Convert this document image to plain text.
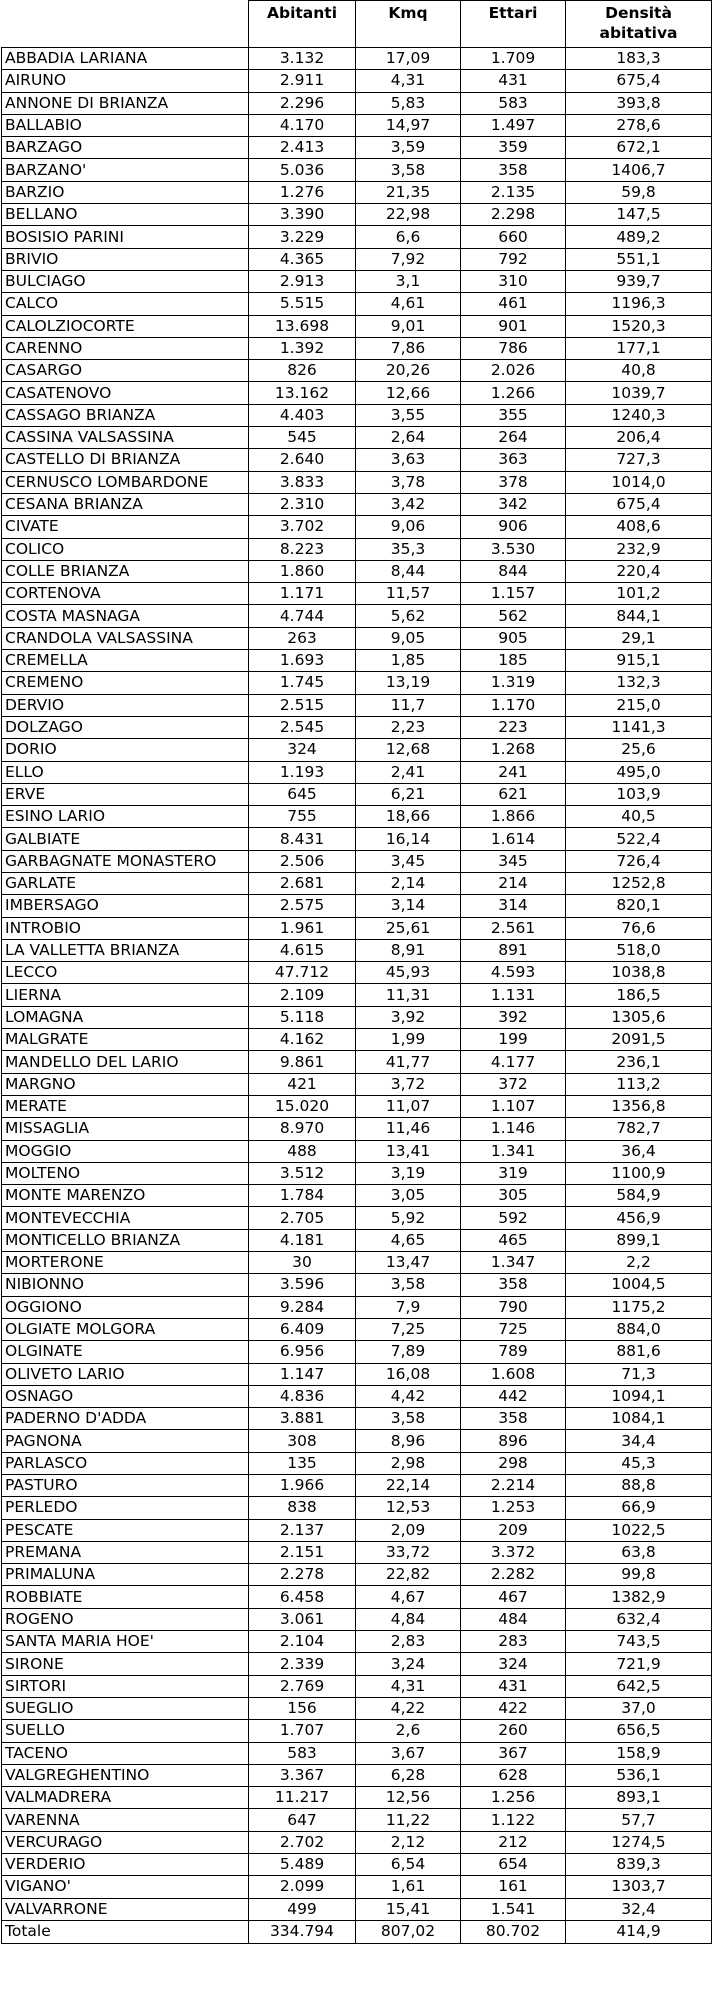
	Abitanti	Kmq	Ettari	Densità abitativa
ABBADIA LARIANA	3.132	17,09	1.709	183,3
AIRUNO	2.911	4,31	431	675,4
ANNONE DI BRIANZA	2.296	5,83	583	393,8
BALLABIO	4.170	14,97	1.497	278,6
BARZAGO	2.413	3,59	359	672,1
BARZANO'	5.036	3,58	358	1406,7
BARZIO	1.276	21,35	2.135	59,8
BELLANO	3.390	22,98	2.298	147,5
BOSISIO PARINI	3.229	6,6	660	489,2
BRIVIO	4.365	7,92	792	551,1
BULCIAGO	2.913	3,1	310	939,7
CALCO	5.515	4,61	461	1196,3
CALOLZIOCORTE	13.698	9,01	901	1520,3
CARENNO	1.392	7,86	786	177,1
CASARGO	826	20,26	2.026	40,8
CASATENOVO	13.162	12,66	1.266	1039,7
CASSAGO BRIANZA	4.403	3,55	355	1240,3
CASSINA VALSASSINA	545	2,64	264	206,4
CASTELLO DI BRIANZA	2.640	3,63	363	727,3
CERNUSCO LOMBARDONE	3.833	3,78	378	1014,0
CESANA BRIANZA	2.310	3,42	342	675,4
CIVATE	3.702	9,06	906	408,6
COLICO	8.223	35,3	3.530	232,9
COLLE BRIANZA	1.860	8,44	844	220,4
CORTENOVA	1.171	11,57	1.157	101,2
COSTA MASNAGA	4.744	5,62	562	844,1
CRANDOLA VALSASSINA	263	9,05	905	29,1
CREMELLA	1.693	1,85	185	915,1
CREMENO	1.745	13,19	1.319	132,3
DERVIO	2.515	11,7	1.170	215,0
DOLZAGO	2.545	2,23	223	1141,3
DORIO	324	12,68	1.268	25,6
ELLO	1.193	2,41	241	495,0
ERVE	645	6,21	621	103,9
ESINO LARIO	755	18,66	1.866	40,5
GALBIATE	8.431	16,14	1.614	522,4
GARBAGNATE MONASTERO	2.506	3,45	345	726,4
GARLATE	2.681	2,14	214	1252,8
IMBERSAGO	2.575	3,14	314	820,1
INTROBIO	1.961	25,61	2.561	76,6
LA VALLETTA BRIANZA	4.615	8,91	891	518,0
LECCO	47.712	45,93	4.593	1038,8
LIERNA	2.109	11,31	1.131	186,5
LOMAGNA	5.118	3,92	392	1305,6
MALGRATE	4.162	1,99	199	2091,5
MANDELLO DEL LARIO	9.861	41,77	4.177	236,1
MARGNO	421	3,72	372	113,2
MERATE	15.020	11,07	1.107	1356,8
MISSAGLIA	8.970	11,46	1.146	782,7
MOGGIO	488	13,41	1.341	36,4
MOLTENO	3.512	3,19	319	1100,9
MONTE MARENZO	1.784	3,05	305	584,9
MONTEVECCHIA	2.705	5,92	592	456,9
MONTICELLO BRIANZA	4.181	4,65	465	899,1
MORTERONE	30	13,47	1.347	2,2
NIBIONNO	3.596	3,58	358	1004,5
OGGIONO	9.284	7,9	790	1175,2
OLGIATE MOLGORA	6.409	7,25	725	884,0
OLGINATE	6.956	7,89	789	881,6
OLIVETO LARIO	1.147	16,08	1.608	71,3
OSNAGO	4.836	4,42	442	1094,1
PADERNO D'ADDA	3.881	3,58	358	1084,1
PAGNONA	308	8,96	896	34,4
PARLASCO	135	2,98	298	45,3
PASTURO	1.966	22,14	2.214	88,8
PERLEDO	838	12,53	1.253	66,9
PESCATE	2.137	2,09	209	1022,5
PREMANA	2.151	33,72	3.372	63,8
PRIMALUNA	2.278	22,82	2.282	99,8
ROBBIATE	6.458	4,67	467	1382,9
ROGENO	3.061	4,84	484	632,4
SANTA MARIA HOE'	2.104	2,83	283	743,5
SIRONE	2.339	3,24	324	721,9
SIRTORI	2.769	4,31	431	642,5
SUEGLIO	156	4,22	422	37,0
SUELLO	1.707	2,6	260	656,5
TACENO	583	3,67	367	158,9
VALGREGHENTINO	3.367	6,28	628	536,1
VALMADRERA	11.217	12,56	1.256	893,1
VARENNA	647	11,22	1.122	57,7
VERCURAGO	2.702	2,12	212	1274,5
VERDERIO	5.489	6,54	654	839,3
VIGANO'	2.099	1,61	161	1303,7
VALVARRONE	499	15,41	1.541	32,4
Totale	334.794	807,02	80.702	414,9
